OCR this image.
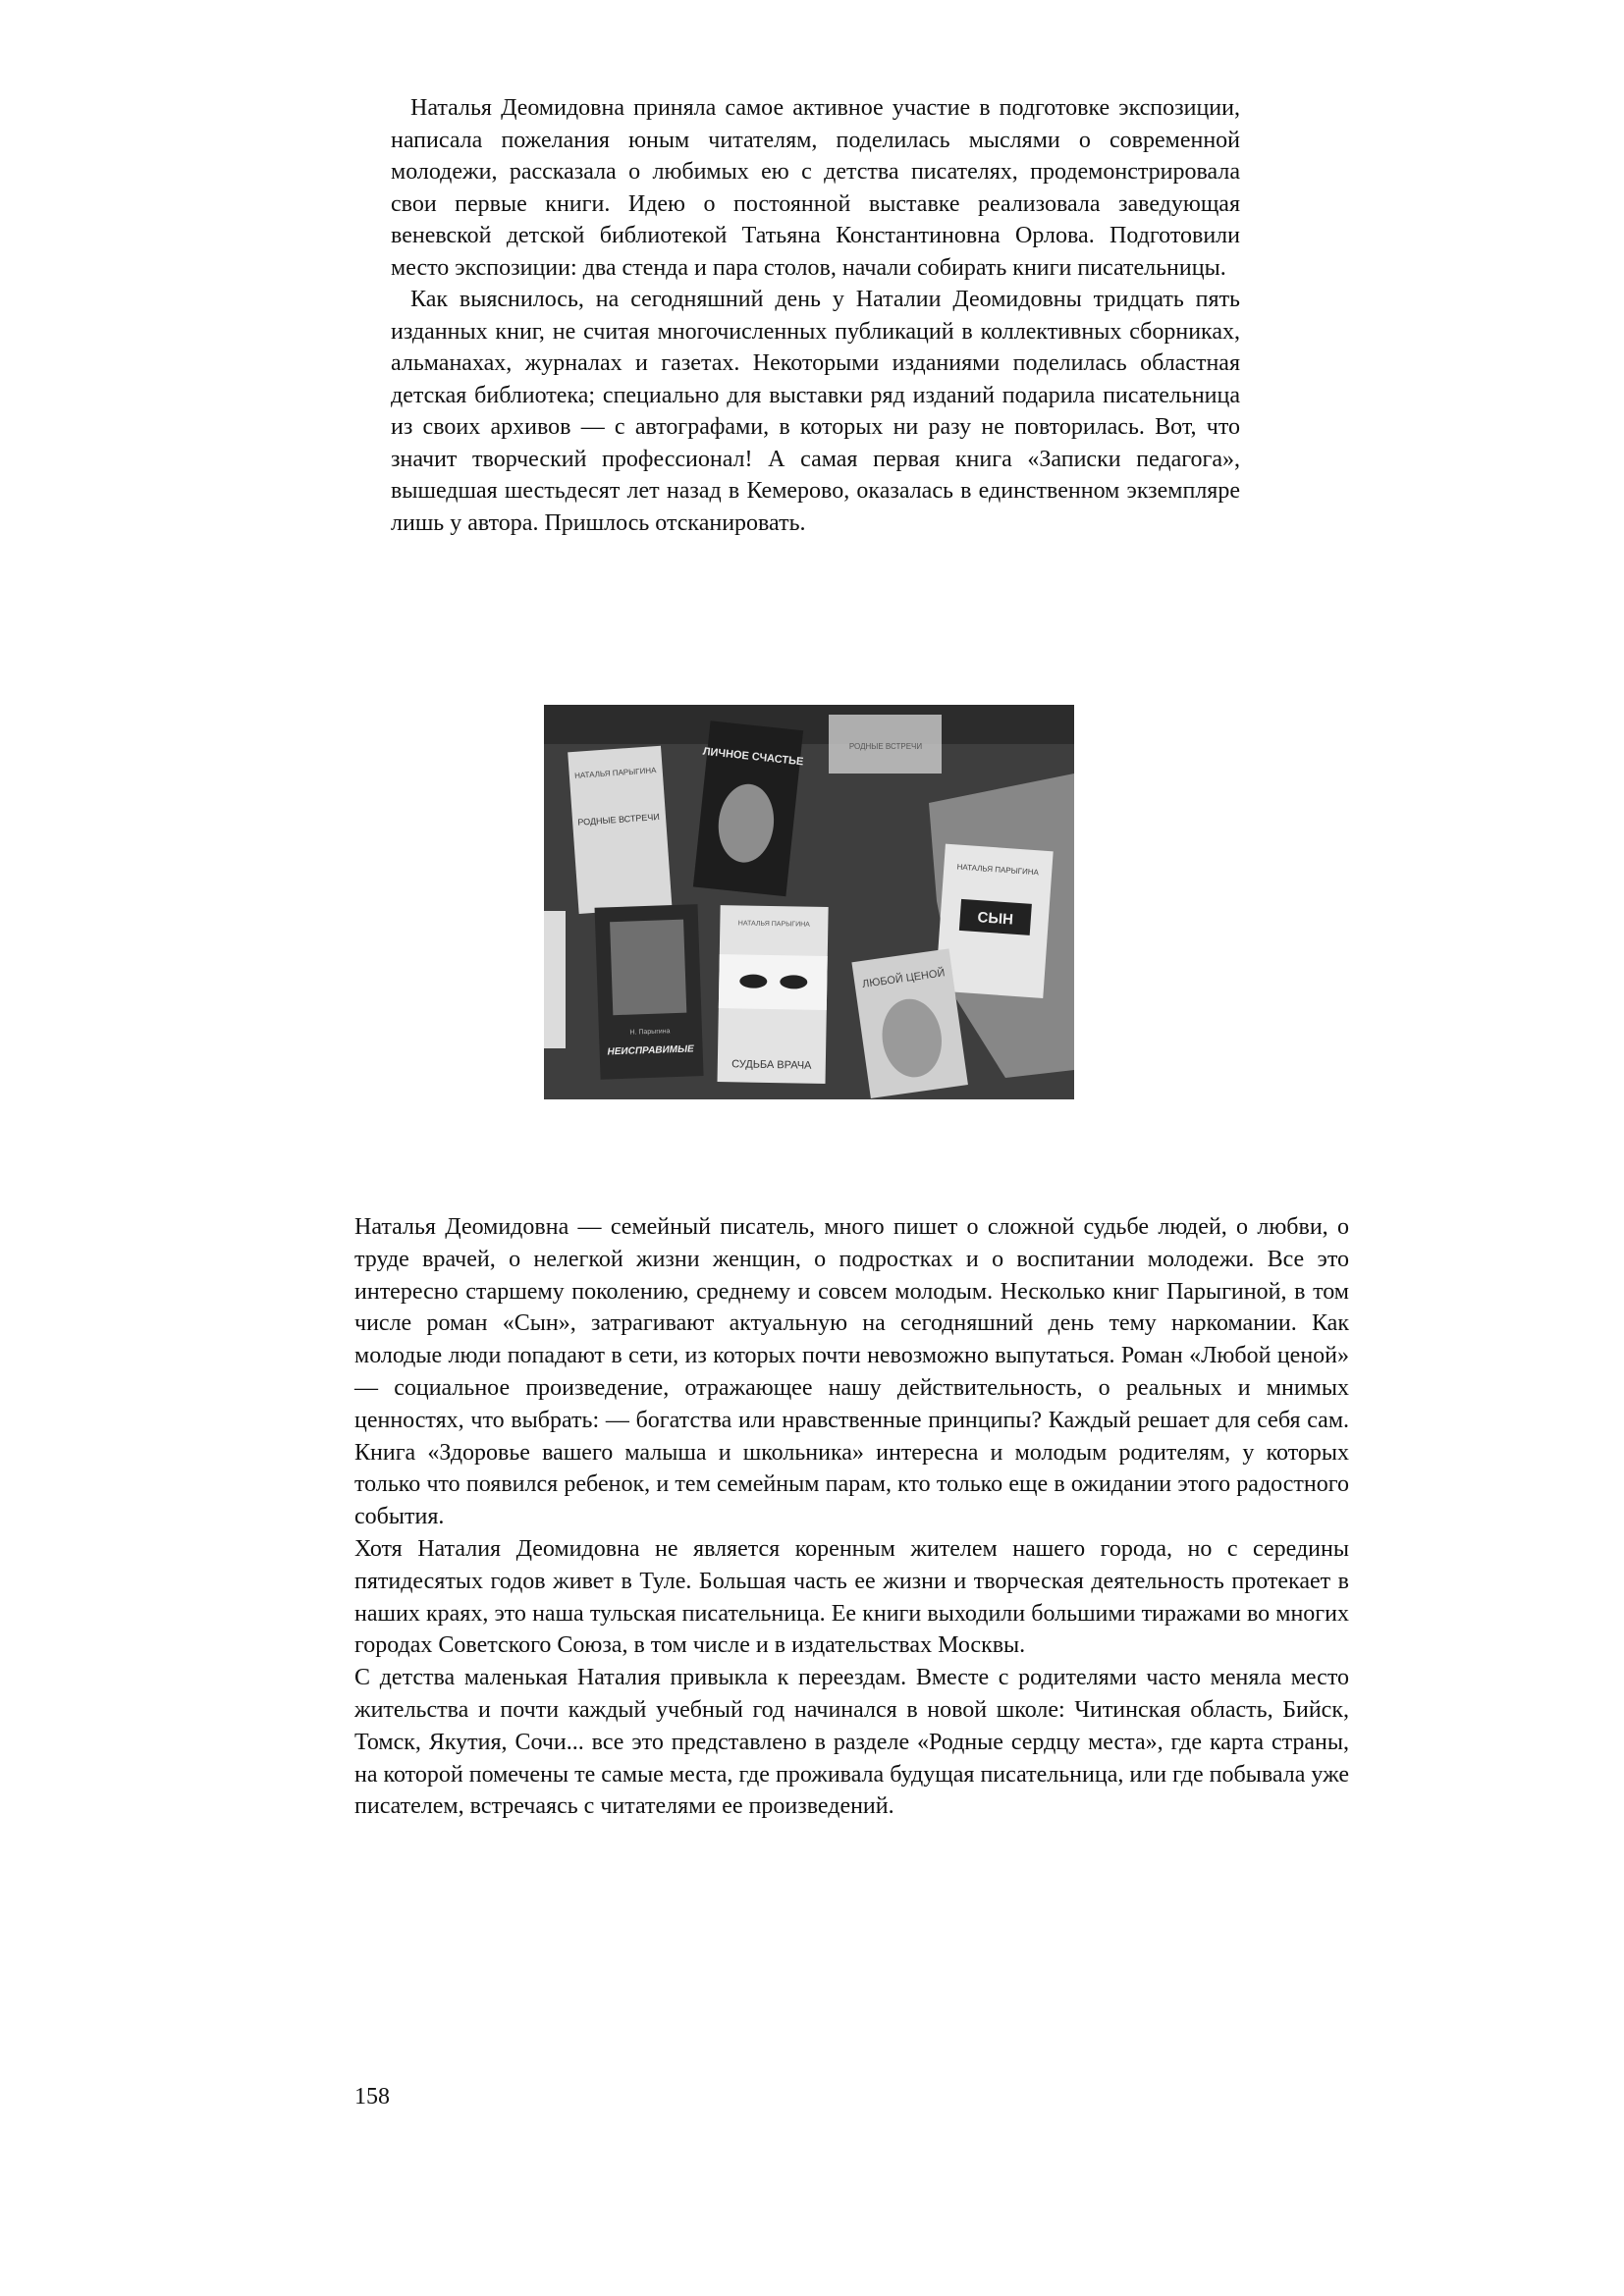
Наталья Деомидовна приняла самое активное участие в подготовке экспозиции, написала пожелания юным читателям, поделилась мыслями о современной молодежи, рассказала о любимых ею с детства писателях, продемонстрировала свои первые книги. Идею о постоянной выставке реализовала заведующая веневской детской библиотекой Татьяна Константиновна Орлова. Подготовили место экспозиции: два стенда и пара столов, начали собирать книги писательницы.

Как выяснилось, на сегодняшний день у Наталии Деомидовны тридцать пять изданных книг, не считая многочисленных публикаций в коллективных сборниках, альманахах, журналах и газетах. Некоторыми изданиями поделилась областная детская библиотека; специально для выставки ряд изданий подарила писательница из своих архивов — с автографами, в которых ни разу не повторилась. Вот, что значит творческий профессионал! А самая первая книга «Записки педагога», вышедшая шестьдесят лет назад в Кемерово, оказалась в единственном экземпляре лишь у автора. Пришлось отсканировать.

НАТАЛЬЯ ПАРЫГИНА
РОДНЫЕ ВСТРЕЧИ
ЛИЧНОЕ СЧАСТЬЕ	РОДНЫЕ ВСТРЕЧИ
НАТАЛЬЯ ПАРЫГИНА
СЫН
Н. Парыгина
НЕИСПРАВИМЫЕ
НАТАЛЬЯ ПАРЫГИНА
СУДЬБА ВРАЧА
ЛЮБОЙ ЦЕНОЙ

Наталья Деомидовна — семейный писатель, много пишет о сложной судьбе людей, о любви, о труде врачей, о нелегкой жизни женщин, о подростках и о воспитании молодежи. Все это интересно старшему поколению, среднему и совсем молодым. Несколько книг Парыгиной, в том числе роман «Сын», затрагивают актуальную на сегодняшний день тему наркомании. Как молодые люди попадают в сети, из которых почти невозможно выпутаться. Роман «Любой ценой» — социальное произведение, отражающее нашу действительность, о реальных и мнимых ценностях, что выбрать: — богатства или нравственные принципы? Каждый решает для себя сам. Книга «Здоровье вашего малыша и школьника» интересна и молодым родителям, у которых только что появился ребенок, и тем семейным парам, кто только еще в ожидании этого радостного события.

Хотя Наталия Деомидовна не является коренным жителем нашего города, но с середины пятидесятых годов живет в Туле. Большая часть ее жизни и творческая деятельность протекает в наших краях, это наша тульская писательница. Ее книги выходили большими тиражами во многих городах Советского Союза, в том числе и в издательствах Москвы.

С детства маленькая Наталия привыкла к переездам. Вместе с родителями часто меняла место жительства и почти каждый учебный год начинался в новой школе: Читинская область, Бийск, Томск, Якутия, Сочи... все это представлено в разделе «Родные сердцу места», где карта страны, на которой помечены те самые места, где проживала будущая писательница, или где побывала уже писателем, встречаясь с читателями ее произведений.

158
